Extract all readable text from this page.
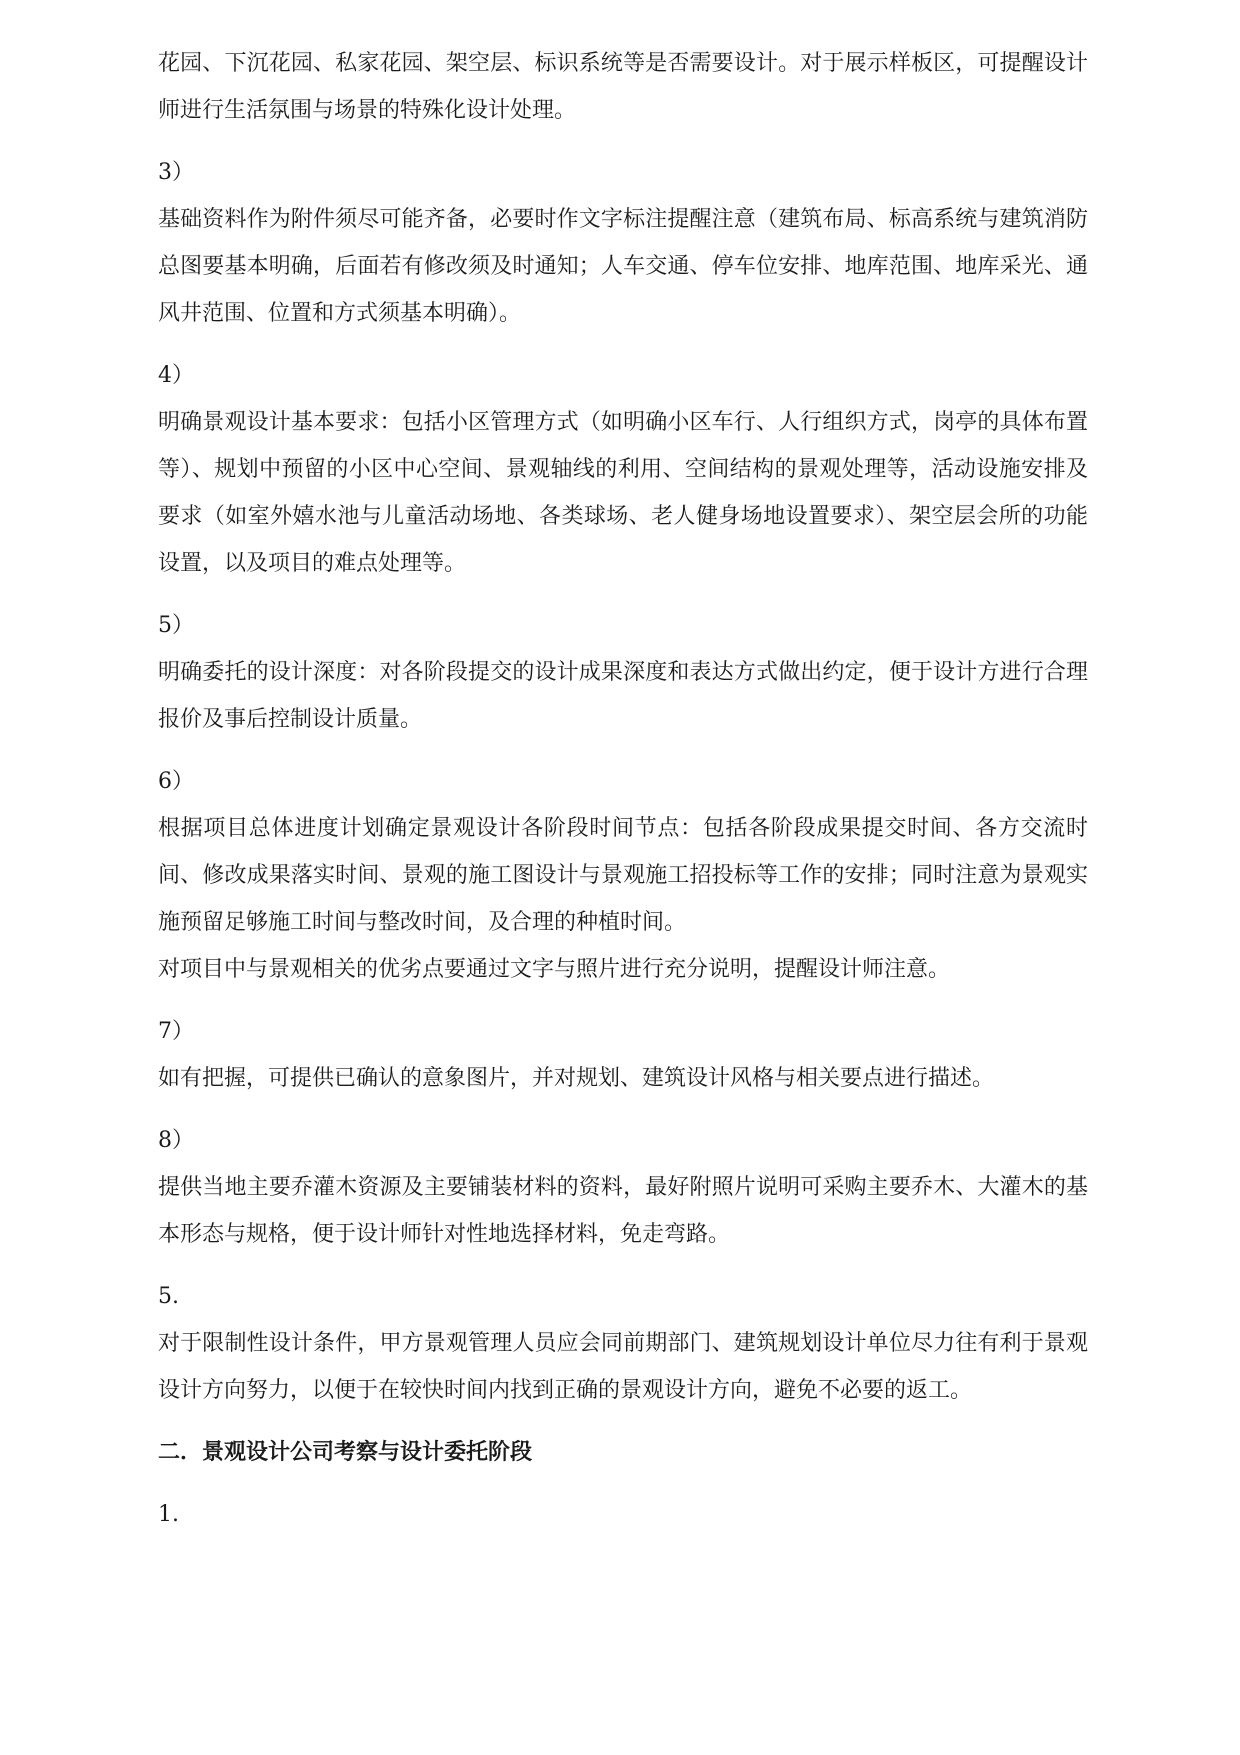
花园、下沉花园、私家花园、架空层、标识系统等是否需要设计。对于展示样板区，可提醒设计师进行生活氛围与场景的特殊化设计处理。

3）

基础资料作为附件须尽可能齐备，必要时作文字标注提醒注意（建筑布局、标高系统与建筑消防总图要基本明确，后面若有修改须及时通知；人车交通、停车位安排、地库范围、地库采光、通风井范围、位置和方式须基本明确）。

4）

明确景观设计基本要求：包括小区管理方式（如明确小区车行、人行组织方式，岗亭的具体布置等）、规划中预留的小区中心空间、景观轴线的利用、空间结构的景观处理等，活动设施安排及要求（如室外嬉水池与儿童活动场地、各类球场、老人健身场地设置要求）、架空层会所的功能设置，以及项目的难点处理等。

5）

明确委托的设计深度：对各阶段提交的设计成果深度和表达方式做出约定，便于设计方进行合理报价及事后控制设计质量。

6）

根据项目总体进度计划确定景观设计各阶段时间节点：包括各阶段成果提交时间、各方交流时间、修改成果落实时间、景观的施工图设计与景观施工招投标等工作的安排；同时注意为景观实施预留足够施工时间与整改时间，及合理的种植时间。

对项目中与景观相关的优劣点要通过文字与照片进行充分说明，提醒设计师注意。

7）

如有把握，可提供已确认的意象图片，并对规划、建筑设计风格与相关要点进行描述。

8）

提供当地主要乔灌木资源及主要铺装材料的资料，最好附照片说明可采购主要乔木、大灌木的基本形态与规格，便于设计师针对性地选择材料，免走弯路。

5.

对于限制性设计条件，甲方景观管理人员应会同前期部门、建筑规划设计单位尽力往有利于景观设计方向努力，以便于在较快时间内找到正确的景观设计方向，避免不必要的返工。

二．景观设计公司考察与设计委托阶段

1.
